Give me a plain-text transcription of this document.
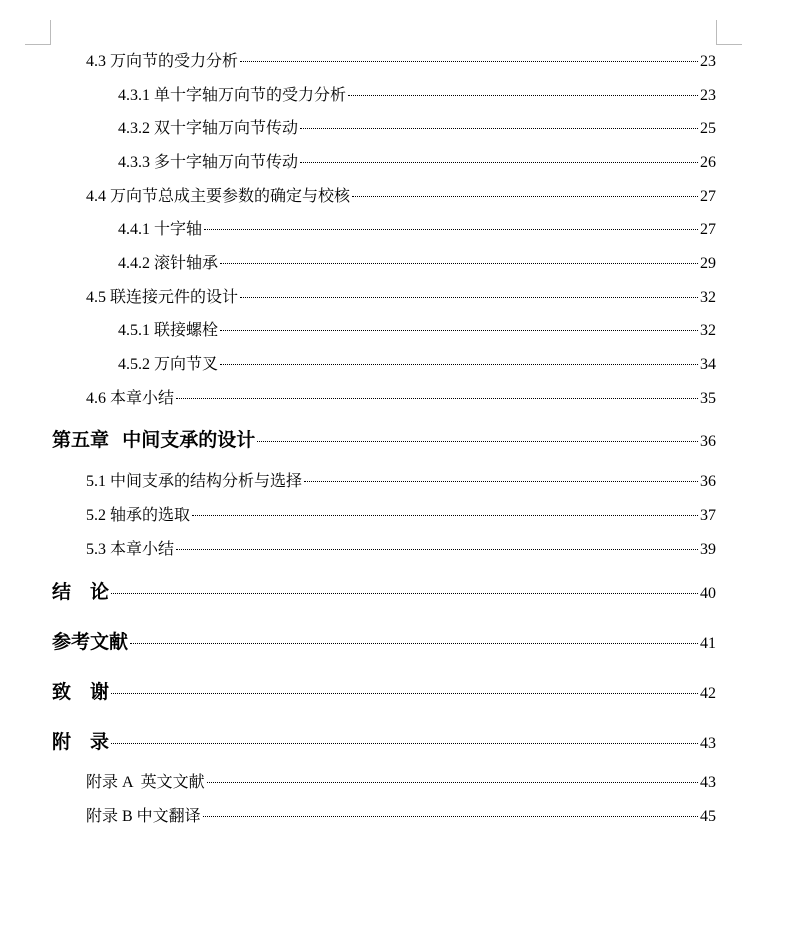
4.3 万向节的受力分析	23
4.3.1 单十字轴万向节的受力分析	23
4.3.2 双十字轴万向节传动	25
4.3.3 多十字轴万向节传动	26
4.4 万向节总成主要参数的确定与校核	27
4.4.1 十字轴	27
4.4.2 滚针轴承	29
4.5 联连接元件的设计	32
4.5.1 联接螺栓	32
4.5.2 万向节叉	34
4.6 本章小结	35
第五章  中间支承的设计	36
5.1 中间支承的结构分析与选择	36
5.2 轴承的选取	37
5.3 本章小结	39
结　论	40
参考文献	41
致　谢	42
附　录	43
附录 A  英文文献	43
附录 B 中文翻译	45
